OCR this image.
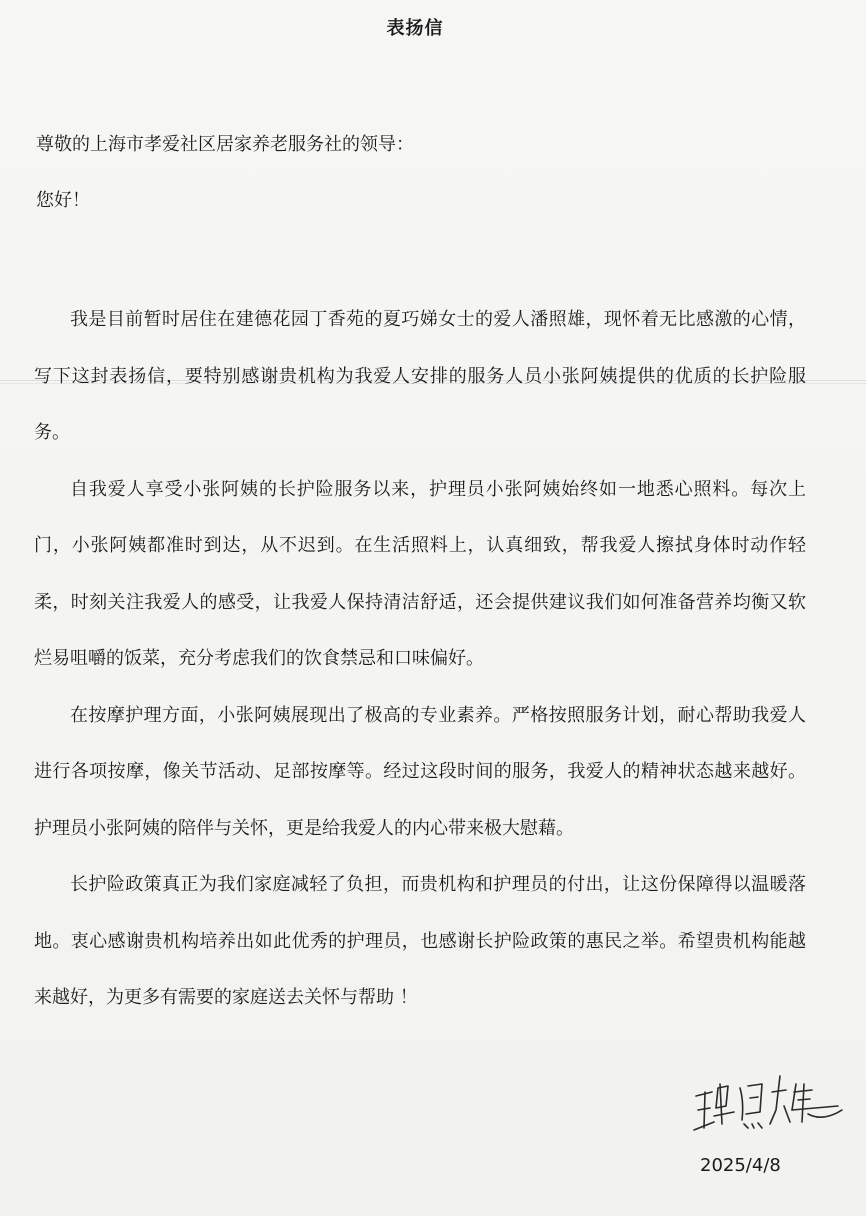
表扬信
尊敬的上海市孝爱社区居家养老服务社的领导：
您好！

我是目前暂时居住在建德花园丁香苑的夏巧娣女士的爱人潘照雄，现怀着无比感激的心情，写下这封表扬信，要特别感谢贵机构为我爱人安排的服务人员小张阿姨提供的优质的长护险服务。

自我爱人享受小张阿姨的长护险服务以来，护理员小张阿姨始终如一地悉心照料。每次上门，小张阿姨都准时到达，从不迟到。在生活照料上，认真细致，帮我爱人擦拭身体时动作轻柔，时刻关注我爱人的感受，让我爱人保持清洁舒适，还会提供建议我们如何准备营养均衡又软烂易咀嚼的饭菜，充分考虑我们的饮食禁忌和口味偏好。

在按摩护理方面，小张阿姨展现出了极高的专业素养。严格按照服务计划，耐心帮助我爱人进行各项按摩，像关节活动、足部按摩等。经过这段时间的服务，我爱人的精神状态越来越好。护理员小张阿姨的陪伴与关怀，更是给我爱人的内心带来极大慰藉。

长护险政策真正为我们家庭减轻了负担，而贵机构和护理员的付出，让这份保障得以温暖落地。衷心感谢贵机构培养出如此优秀的护理员，也感谢长护险政策的惠民之举。希望贵机构能越来越好，为更多有需要的家庭送去关怀与帮助 ！

2025/4/8
